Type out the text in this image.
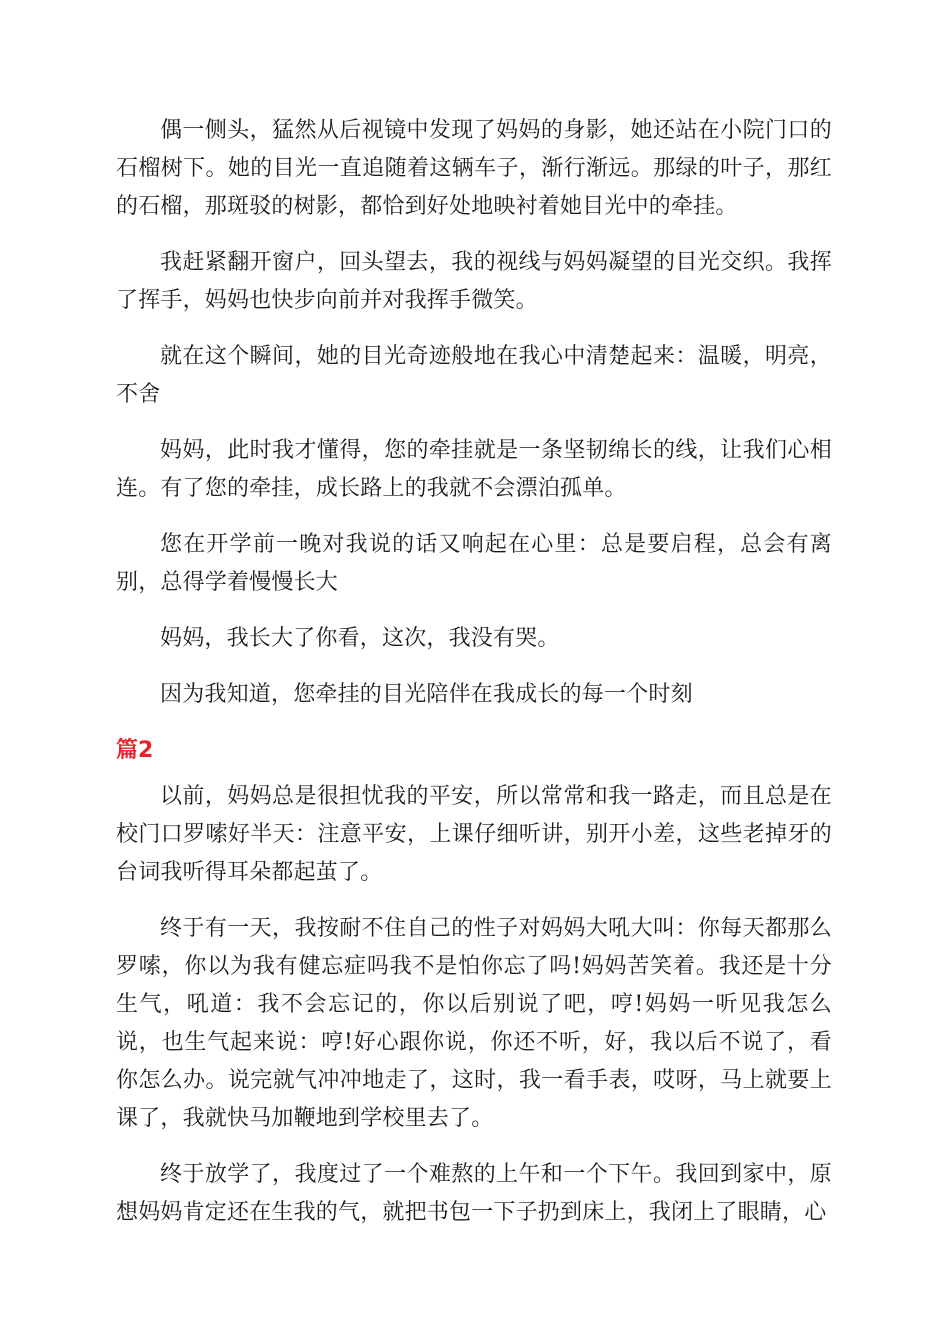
偶一侧头，猛然从后视镜中发现了妈妈的身影，她还站在小院门口的石榴树下。她的目光一直追随着这辆车子，渐行渐远。那绿的叶子，那红的石榴，那斑驳的树影，都恰到好处地映衬着她目光中的牵挂。

我赶紧翻开窗户，回头望去，我的视线与妈妈凝望的目光交织。我挥了挥手，妈妈也快步向前并对我挥手微笑。

就在这个瞬间，她的目光奇迹般地在我心中清楚起来：温暖，明亮，不舍

妈妈，此时我才懂得，您的牵挂就是一条坚韧绵长的线，让我们心相连。有了您的牵挂，成长路上的我就不会漂泊孤单。

您在开学前一晚对我说的话又响起在心里：总是要启程，总会有离别，总得学着慢慢长大

妈妈，我长大了你看，这次，我没有哭。

因为我知道，您牵挂的目光陪伴在我成长的每一个时刻

篇2

以前，妈妈总是很担忧我的平安，所以常常和我一路走，而且总是在校门口罗嗦好半天：注意平安，上课仔细听讲，别开小差，这些老掉牙的台词我听得耳朵都起茧了。

终于有一天，我按耐不住自己的性子对妈妈大吼大叫：你每天都那么罗嗦，你以为我有健忘症吗我不是怕你忘了吗!妈妈苦笑着。我还是十分生气，吼道：我不会忘记的，你以后别说了吧，哼!妈妈一听见我怎么说，也生气起来说：哼!好心跟你说，你还不听，好，我以后不说了，看你怎么办。说完就气冲冲地走了，这时，我一看手表，哎呀，马上就要上课了，我就快马加鞭地到学校里去了。

终于放学了，我度过了一个难熬的上午和一个下午。我回到家中，原想妈妈肯定还在生我的气，就把书包一下子扔到床上，我闭上了眼睛，心
